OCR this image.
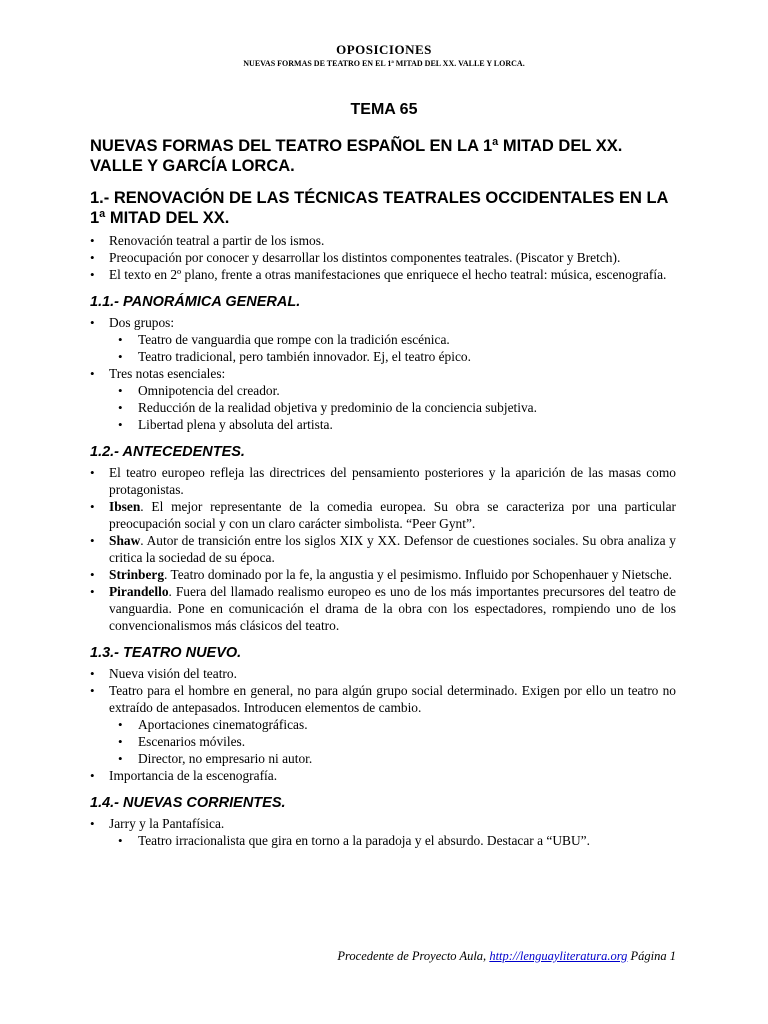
OPOSICIONES
NUEVAS FORMAS DE TEATRO EN EL 1ª MITAD DEL XX. VALLE Y LORCA.
TEMA 65
NUEVAS FORMAS DEL TEATRO ESPAÑOL EN LA 1ª MITAD DEL XX. VALLE Y GARCÍA LORCA.
1.- RENOVACIÓN DE LAS TÉCNICAS TEATRALES OCCIDENTALES EN LA 1ª MITAD DEL XX.
• Renovación teatral a partir de los ismos.
• Preocupación por conocer y desarrollar los distintos componentes teatrales. (Piscator y Bretch).
• El texto en 2º plano, frente a otras manifestaciones que enriquece el hecho teatral: música, escenografía.
1.1.- PANORÁMICA GENERAL.
• Dos grupos:
• Teatro de vanguardia que rompe con la tradición escénica.
• Teatro tradicional, pero también innovador. Ej, el teatro épico.
• Tres notas esenciales:
• Omnipotencia del creador.
• Reducción de la realidad objetiva y predominio de la conciencia subjetiva.
• Libertad plena y absoluta del artista.
1.2.- ANTECEDENTES.
• El teatro europeo refleja las directrices del pensamiento posteriores y la aparición de las masas como protagonistas.
• Ibsen. El mejor representante de la comedia europea. Su obra se caracteriza por una particular preocupación social y con un claro carácter simbolista. “Peer Gynt”.
• Shaw. Autor de transición entre los siglos XIX y XX. Defensor de cuestiones sociales. Su obra analiza y critica la sociedad de su época.
• Strinberg. Teatro dominado por la fe, la angustia y el pesimismo. Influido por Schopenhauer y Nietsche.
• Pirandello. Fuera del llamado realismo europeo es uno de los más importantes precursores del teatro de vanguardia. Pone en comunicación el drama de la obra con los espectadores, rompiendo uno de los convencionalismos más clásicos del teatro.
1.3.- TEATRO NUEVO.
• Nueva visión del teatro.
• Teatro para el hombre en general, no para algún grupo social determinado. Exigen por ello un teatro no extraído de antepasados. Introducen elementos de cambio.
• Aportaciones cinematográficas.
• Escenarios móviles.
• Director, no empresario ni autor.
• Importancia de la escenografía.
1.4.- NUEVAS CORRIENTES.
• Jarry y la Pantafísica.
• Teatro irracionalista que gira en torno a la paradoja y el absurdo. Destacar a “UBU”.
Procedente de Proyecto Aula, http://lenguayliteratura.org Página 1
